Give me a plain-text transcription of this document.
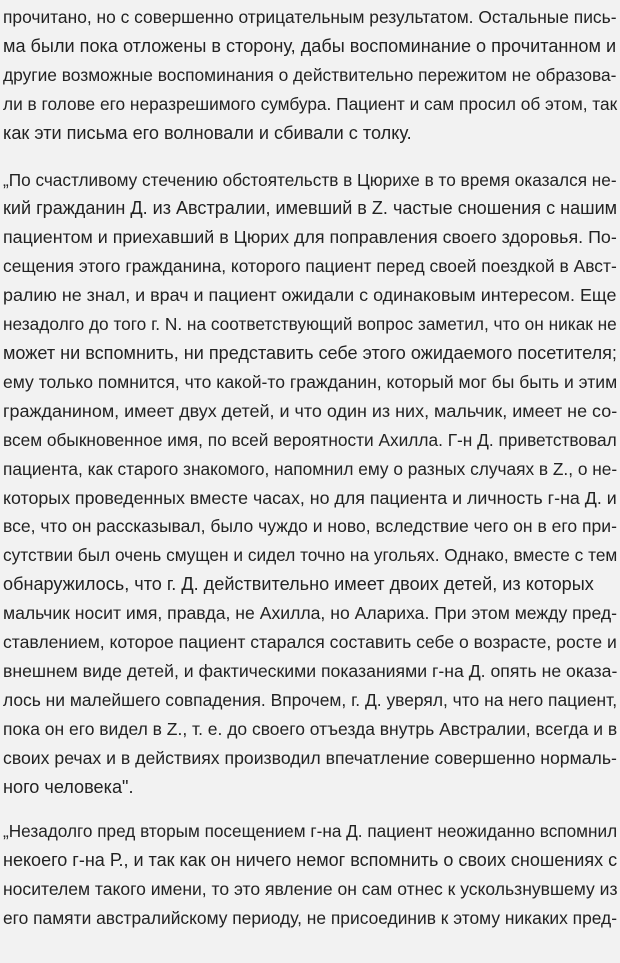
прочитано, но с совершенно отрицательным результатом. Остальные пись-
ма были пока отложены в сторону, дабы воспоминание о прочитанном и
другие возможные воспоминания о действительно пережитом не образова-
ли в голове его неразрешимого сумбура. Пациент и сам просил об этом, так
как эти письма его волновали и сбивали с толку.

„По счастливому стечению обстоятельств в Цюрихе в то время оказался не-
кий гражданин Д. из Австралии, имевший в Z. частые сношения с нашим
пациентом и приехавший в Цюрих для поправления своего здоровья. По-
сещения этого гражданина, которого пациент перед своей поездкой в Авст-
ралию не знал, и врач и пациент ожидали с одинаковым интересом. Еще
незадолго до того г. N. на соответствующий вопрос заметил, что он никак не
может ни вспомнить, ни представить себе этого ожидаемого посетителя;
ему только помнится, что какой-то гражданин, который мог бы быть и этим
гражданином, имеет двух детей, и что один из них, мальчик, имеет не со-
всем обыкновенное имя, по всей вероятности Ахилла. Г-н Д. приветствовал
пациента, как старого знакомого, напомнил ему о разных случаях в Z., о не-
которых проведенных вместе часах, но для пациента и личность г-на Д. и
все, что он рассказывал, было чуждо и ново, вследствие чего он в его при-
сутствии был очень смущен и сидел точно на угольях. Однако, вместе с тем
обнаружилось, что г. Д. действительно имеет двоих детей, из которых
мальчик носит имя, правда, не Ахилла, но Алариха. При этом между пред-
ставлением, которое пациент старался составить себе о возрасте, росте и
внешнем виде детей, и фактическими показаниями г-на Д. опять не оказа-
лось ни малейшего совпадения. Впрочем, г. Д. уверял, что на него пациент,
пока он его видел в Z., т. е. до своего отъезда внутрь Австралии, всегда и в
своих речах и в действиях производил впечатление совершенно нормаль-
ного человека".

„Незадолго пред вторым посещением г-на Д. пациент неожиданно вспомнил
некоего г-на Р., и так как он ничего немог вспомнить о своих сношениях с
носителем такого имени, то это явление он сам отнес к ускользнувшему из
его памяти австралийскому периоду, не присоединив к этому никаких пред-
